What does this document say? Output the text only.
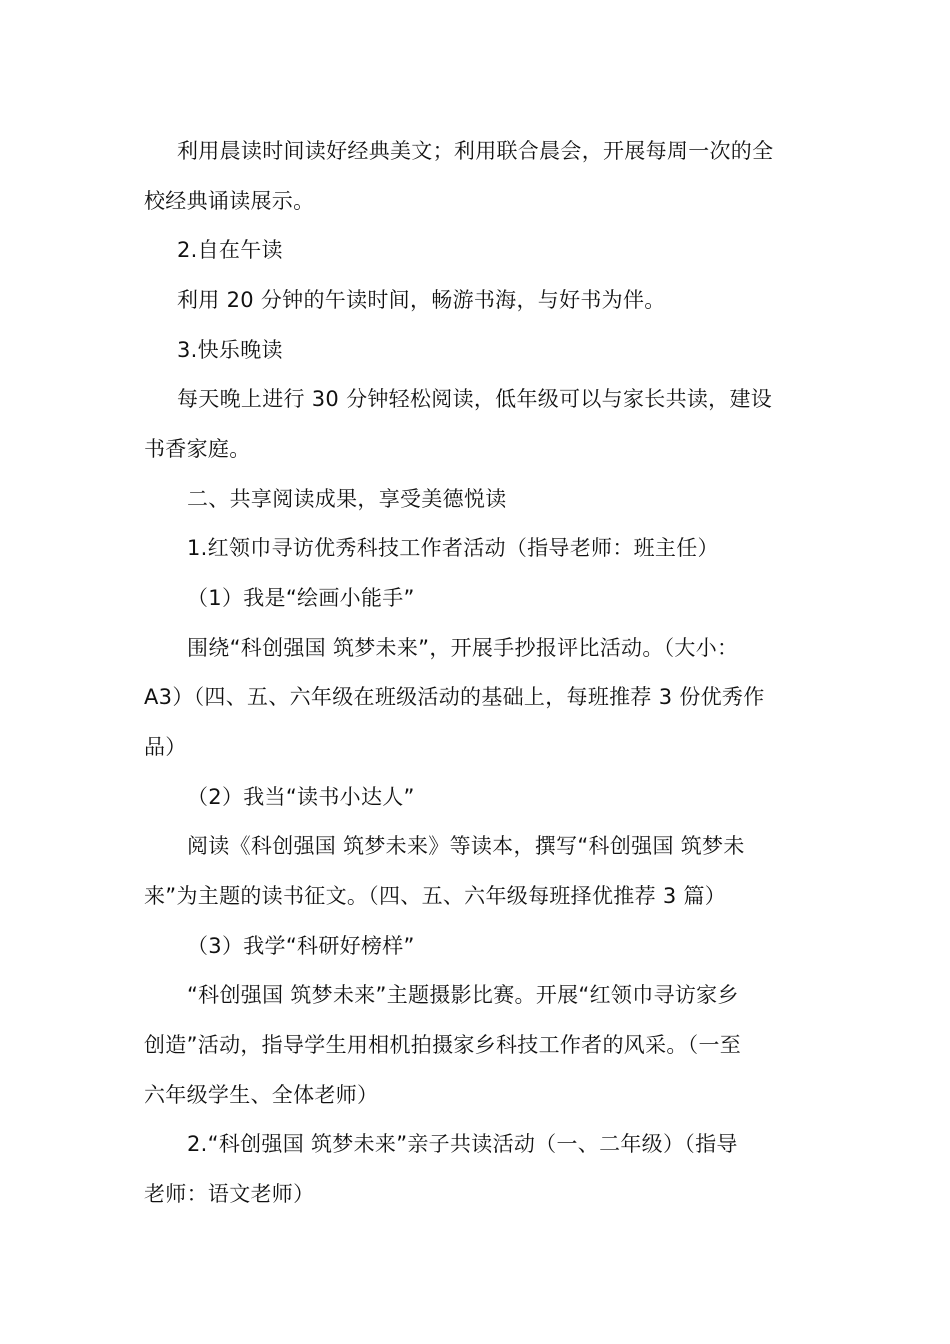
利用晨读时间读好经典美文；利用联合晨会，开展每周一次的全
校经典诵读展示。
2.自在午读
利用 20 分钟的午读时间，畅游书海，与好书为伴。
3.快乐晚读
每天晚上进行 30 分钟轻松阅读，低年级可以与家长共读，建设
书香家庭。
二、共享阅读成果，享受美德悦读
1.红领巾寻访优秀科技工作者活动（指导老师：班主任）
（1）我是“绘画小能手”
围绕“科创强国 筑梦未来”，开展手抄报评比活动。（大小：
A3）（四、五、六年级在班级活动的基础上，每班推荐 3 份优秀作
品）
（2）我当“读书小达人”
阅读《科创强国 筑梦未来》等读本，撰写“科创强国 筑梦未
来”为主题的读书征文。（四、五、六年级每班择优推荐 3 篇）
（3）我学“科研好榜样”
“科创强国 筑梦未来”主题摄影比赛。开展“红领巾寻访家乡
创造”活动，指导学生用相机拍摄家乡科技工作者的风采。（一至
六年级学生、全体老师）
2.“科创强国 筑梦未来”亲子共读活动（一、二年级）（指导
老师：语文老师）
